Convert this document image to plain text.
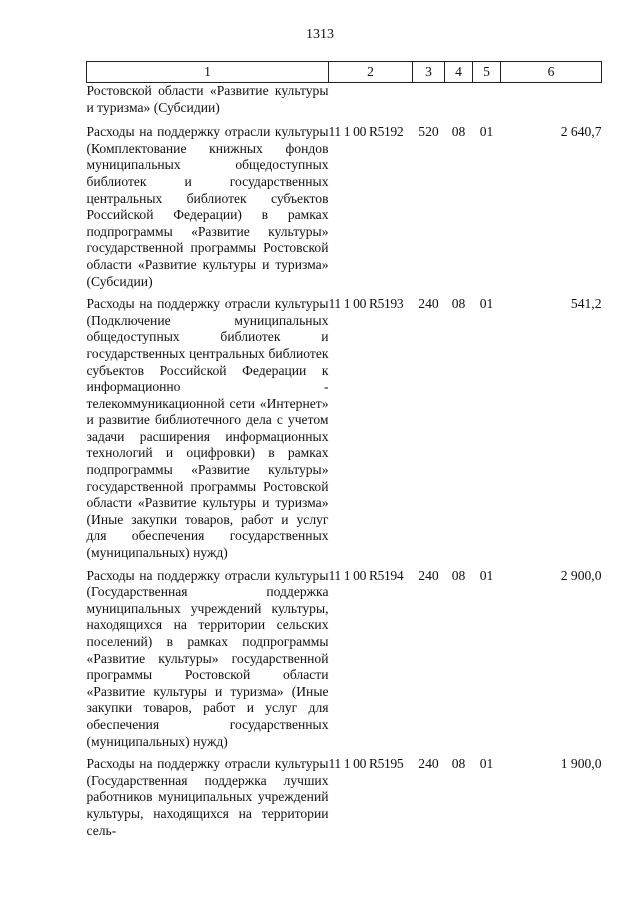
1313
1	2	3	4	5	6
Ростовской области «Развитие культуры и туризма» (Субсидии)					
Расходы на поддержку отрасли культуры (Комплектование книжных фондов муниципальных общедоступных библиотек и государственных центральных библиотек субъектов Российской Федерации) в рамках подпрограммы «Развитие культуры» государственной программы Ростовской области «Развитие культуры и туризма» (Субсидии)	11 1 00 R5192	520	08	01	2 640,7
Расходы на поддержку отрасли культуры (Подключение муниципальных общедоступных библиотек и государственных центральных библиотек субъектов Российской Федерации к информационно - телекоммуникационной сети «Интернет» и развитие библиотечного дела с учетом задачи расширения информационных технологий и оцифровки) в рамках подпрограммы «Развитие культуры» государственной программы Ростовской области «Развитие культуры и туризма» (Иные закупки товаров, работ и услуг для обеспечения государственных (муниципальных) нужд)	11 1 00 R5193	240	08	01	541,2
Расходы на поддержку отрасли культуры (Государственная поддержка муниципальных учреждений культуры, находящихся на территории сельских поселений) в рамках подпрограммы «Развитие культуры» государственной программы Ростовской области «Развитие культуры и туризма» (Иные закупки товаров, работ и услуг для обеспечения государственных (муниципальных) нужд)	11 1 00 R5194	240	08	01	2 900,0
Расходы на поддержку отрасли культуры (Государственная поддержка лучших работников муниципальных учреждений культуры, находящихся на территории сель-	11 1 00 R5195	240	08	01	1 900,0
